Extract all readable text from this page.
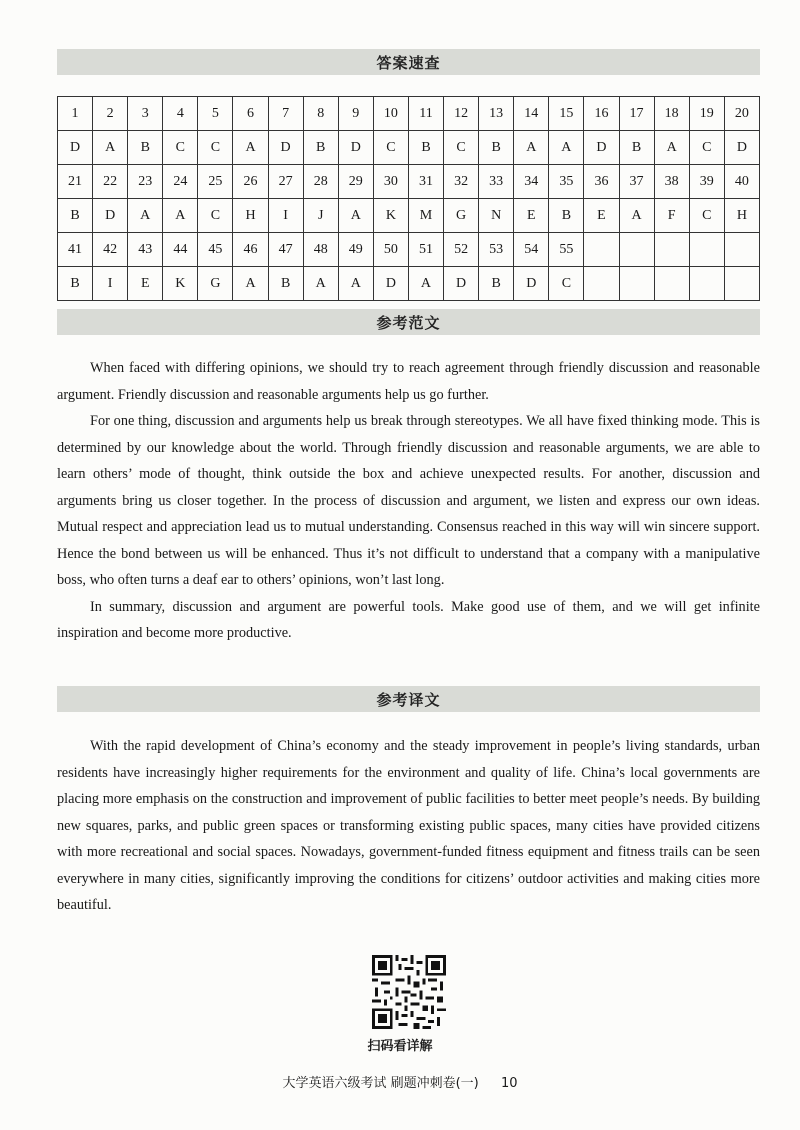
答案速查
1	2	3	4	5	6	7	8	9	10	11	12	13	14	15	16	17	18	19	20
D	A	B	C	C	A	D	B	D	C	B	C	B	A	A	D	B	A	C	D
21	22	23	24	25	26	27	28	29	30	31	32	33	34	35	36	37	38	39	40
B	D	A	A	C	H	I	J	A	K	M	G	N	E	B	E	A	F	C	H
41	42	43	44	45	46	47	48	49	50	51	52	53	54	55					
B	I	E	K	G	A	B	A	A	D	A	D	B	D	C					
参考范文

When faced with differing opinions, we should try to reach agreement through friendly discussion and reasonable argument. Friendly discussion and reasonable arguments help us go further.

For one thing, discussion and arguments help us break through stereotypes. We all have fixed thinking mode. This is determined by our knowledge about the world. Through friendly discussion and reasonable arguments, we are able to learn others’ mode of thought, think outside the box and achieve unexpected results. For another, discussion and arguments bring us closer together. In the process of discussion and argument, we listen and express our own ideas. Mutual respect and appreciation lead us to mutual understanding. Consensus reached in this way will win sincere support. Hence the bond between us will be enhanced. Thus it’s not difficult to understand that a company with a manipulative boss, who often turns a deaf ear to others’ opinions, won’t last long.

In summary, discussion and argument are powerful tools. Make good use of them, and we will get infinite inspiration and become more productive.

参考译文

With the rapid development of China’s economy and the steady improvement in people’s living standards, urban residents have increasingly higher requirements for the environment and quality of life. China’s local governments are placing more emphasis on the construction and improvement of public facilities to better meet people’s needs. By building new squares, parks, and public green spaces or transforming existing public spaces, many cities have provided citizens with more recreational and social spaces. Nowadays, government-funded fitness equipment and fitness trails can be seen everywhere in many cities, significantly improving the conditions for citizens’ outdoor activities and making cities more beautiful.

扫码看详解
大学英语六级考试 刷题冲刺卷(一) 10
